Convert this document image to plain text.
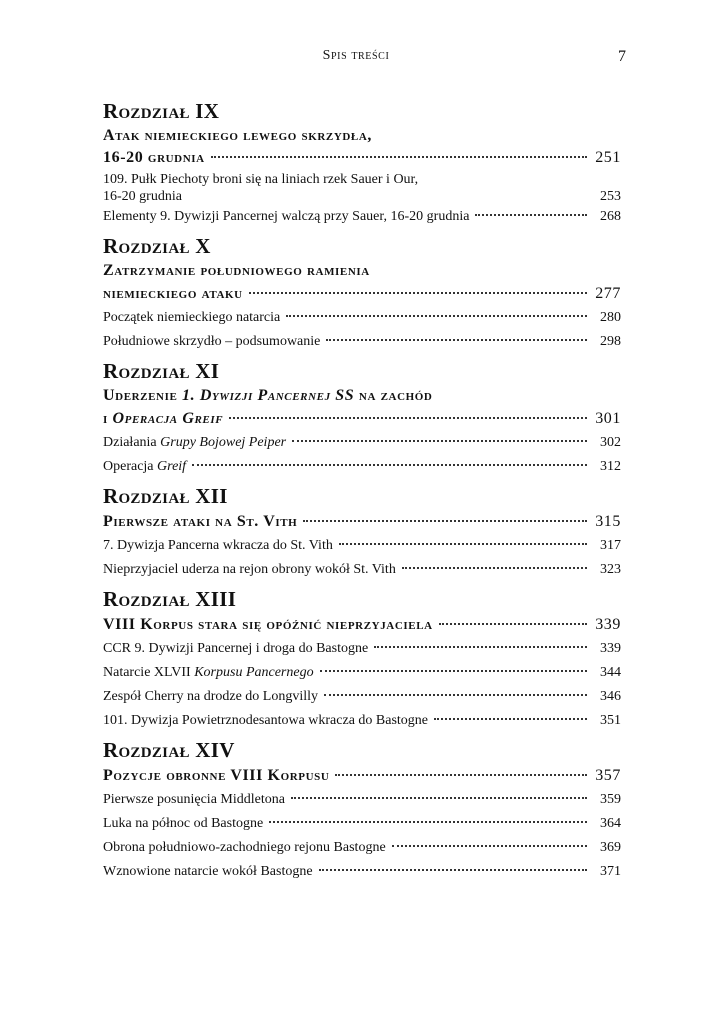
Spis treści	7
Rozdział IX
Atak niemieckiego lewego skrzydła,
16-20 grudnia	251
109. Pułk Piechoty broni się na liniach rzek Sauer i Our,
16-20 grudnia	253
Elementy 9. Dywizji Pancernej walczą przy Sauer, 16-20 grudnia	268
Rozdział X
Zatrzymanie południowego ramienia
niemieckiego ataku	277
Początek niemieckiego natarcia	280
Południowe skrzydło – podsumowanie	298
Rozdział XI
Uderzenie 1. Dywizji Pancernej SS na zachód
i Operacja Greif	301
Działania Grupy Bojowej Peiper	302
Operacja Greif	312
Rozdział XII
Pierwsze ataki na St. Vith	315
7. Dywizja Pancerna wkracza do St. Vith	317
Nieprzyjaciel uderza na rejon obrony wokół St. Vith	323
Rozdział XIII
VIII Korpus stara się opóźnić nieprzyjaciela	339
CCR 9. Dywizji Pancernej i droga do Bastogne	339
Natarcie XLVII Korpusu Pancernego	344
Zespół Cherry na drodze do Longvilly	346
101. Dywizja Powietrznodesantowa wkracza do Bastogne	351
Rozdział XIV
Pozycje obronne VIII Korpusu	357
Pierwsze posunięcia Middletona	359
Luka na północ od Bastogne	364
Obrona południowo-zachodniego rejonu Bastogne	369
Wznowione natarcie wokół Bastogne	371
